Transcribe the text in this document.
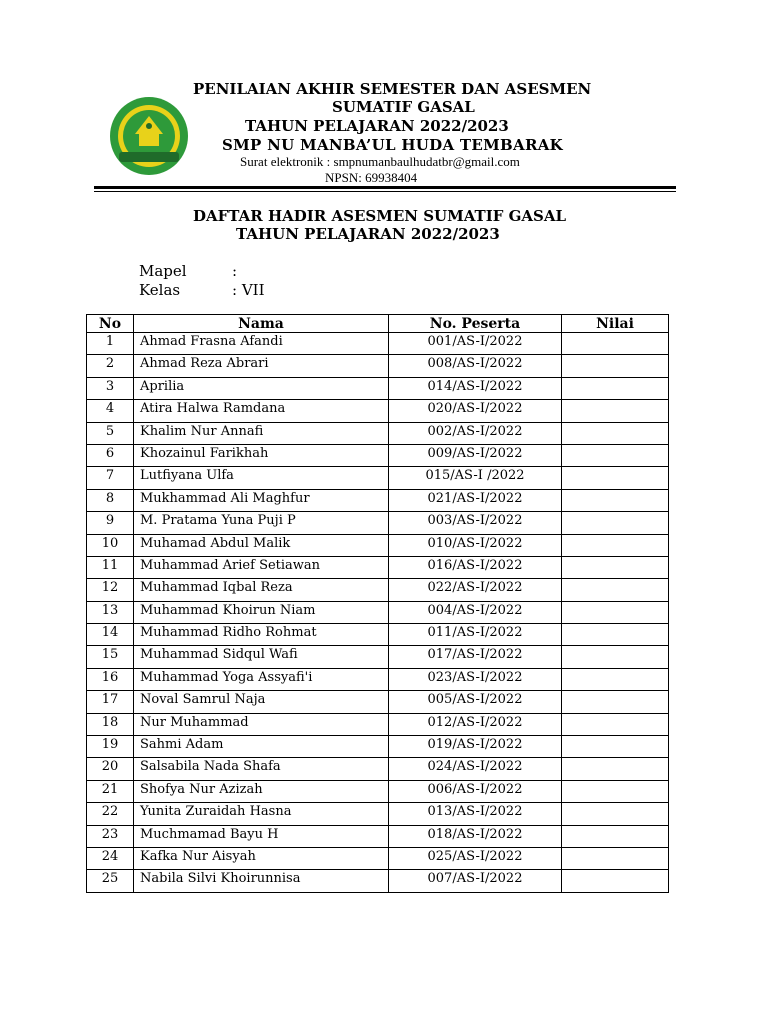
PENILAIAN AKHIR SEMESTER DAN ASESMEN
SUMATIF GASAL
TAHUN PELAJARAN 2022/2023
SMP NU MANBA’UL HUDA TEMBARAK
Surat elektronik : smpnumanbaulhudatbr@gmail.com
NPSN: 69938404
DAFTAR HADIR ASESMEN SUMATIF GASAL
TAHUN PELAJARAN 2022/2023
Mapel	:
Kelas	: VII
No	Nama	No. Peserta	Nilai
1	Ahmad Frasna Afandi	001/AS-I/2022	
2	Ahmad Reza Abrari	008/AS-I/2022	
3	Aprilia	014/AS-I/2022	
4	Atira Halwa Ramdana	020/AS-I/2022	
5	Khalim Nur Annafi	002/AS-I/2022	
6	Khozainul Farikhah	009/AS-I/2022	
7	Lutfiyana Ulfa	015/AS-I /2022	
8	Mukhammad Ali Maghfur	021/AS-I/2022	
9	M. Pratama Yuna Puji P	003/AS-I/2022	
10	Muhamad Abdul Malik	010/AS-I/2022	
11	Muhammad Arief Setiawan	016/AS-I/2022	
12	Muhammad Iqbal Reza	022/AS-I/2022	
13	Muhammad Khoirun Niam	004/AS-I/2022	
14	Muhammad Ridho Rohmat	011/AS-I/2022	
15	Muhammad Sidqul Wafi	017/AS-I/2022	
16	Muhammad Yoga Assyafi'i	023/AS-I/2022	
17	Noval Samrul Naja	005/AS-I/2022	
18	Nur Muhammad	012/AS-I/2022	
19	Sahmi Adam	019/AS-I/2022	
20	Salsabila Nada Shafa	024/AS-I/2022	
21	Shofya Nur Azizah	006/AS-I/2022	
22	Yunita Zuraidah Hasna	013/AS-I/2022	
23	Muchmamad Bayu H	018/AS-I/2022	
24	Kafka Nur Aisyah	025/AS-I/2022	
25	Nabila Silvi Khoirunnisa	007/AS-I/2022	
